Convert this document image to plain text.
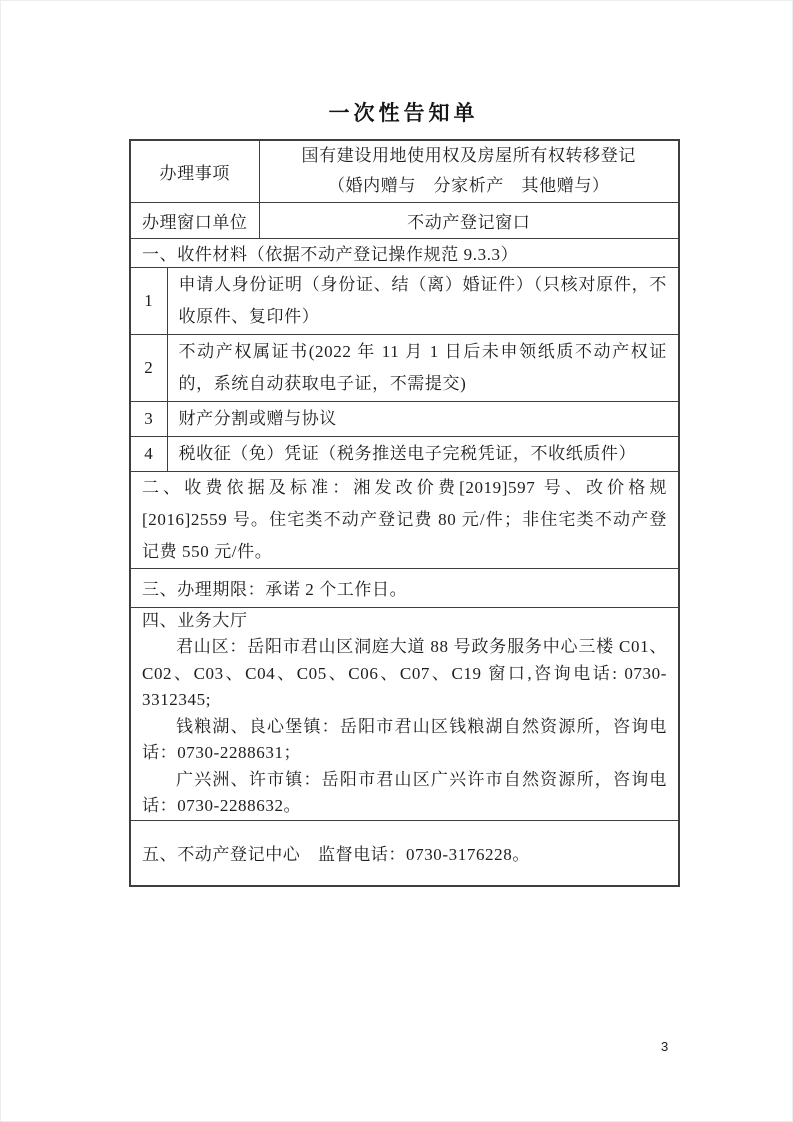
一次性告知单
办理事项		国有建设用地使用权及房屋所有权转移登记
（婚内赠与　分家析产　其他赠与）

办理窗口单位		不动产登记窗口
一、收件材料（依据不动产登记操作规范 9.3.3）		
1	申请人身份证明（身份证、结（离）婚证件）（只核对原件，不收原件、复印件）	
2	不动产权属证书(2022 年 11 月 1 日后未申领纸质不动产权证的，系统自动获取电子证，不需提交)	
3	财产分割或赠与协议	
4	税收征（免）凭证（税务推送电子完税凭证，不收纸质件）	
二、收费依据及标准：湘发改价费[2019]597 号、改价格规[2016]2559 号。住宅类不动产登记费 80 元/件；非住宅类不动产登记费 550 元/件。		
三、办理期限：承诺 2 个工作日。		

四、业务大厅

君山区：岳阳市君山区洞庭大道 88 号政务服务中心三楼 C01、C02、C03、C04、C05、C06、C07、C19 窗口,咨询电话: 0730-3312345;

钱粮湖、良心堡镇：岳阳市君山区钱粮湖自然资源所，咨询电话：0730-2288631；

广兴洲、许市镇：岳阳市君山区广兴许市自然资源所，咨询电话：0730-2288632。		

五、不动产登记中心　监督电话：0730-3176228。		
3
